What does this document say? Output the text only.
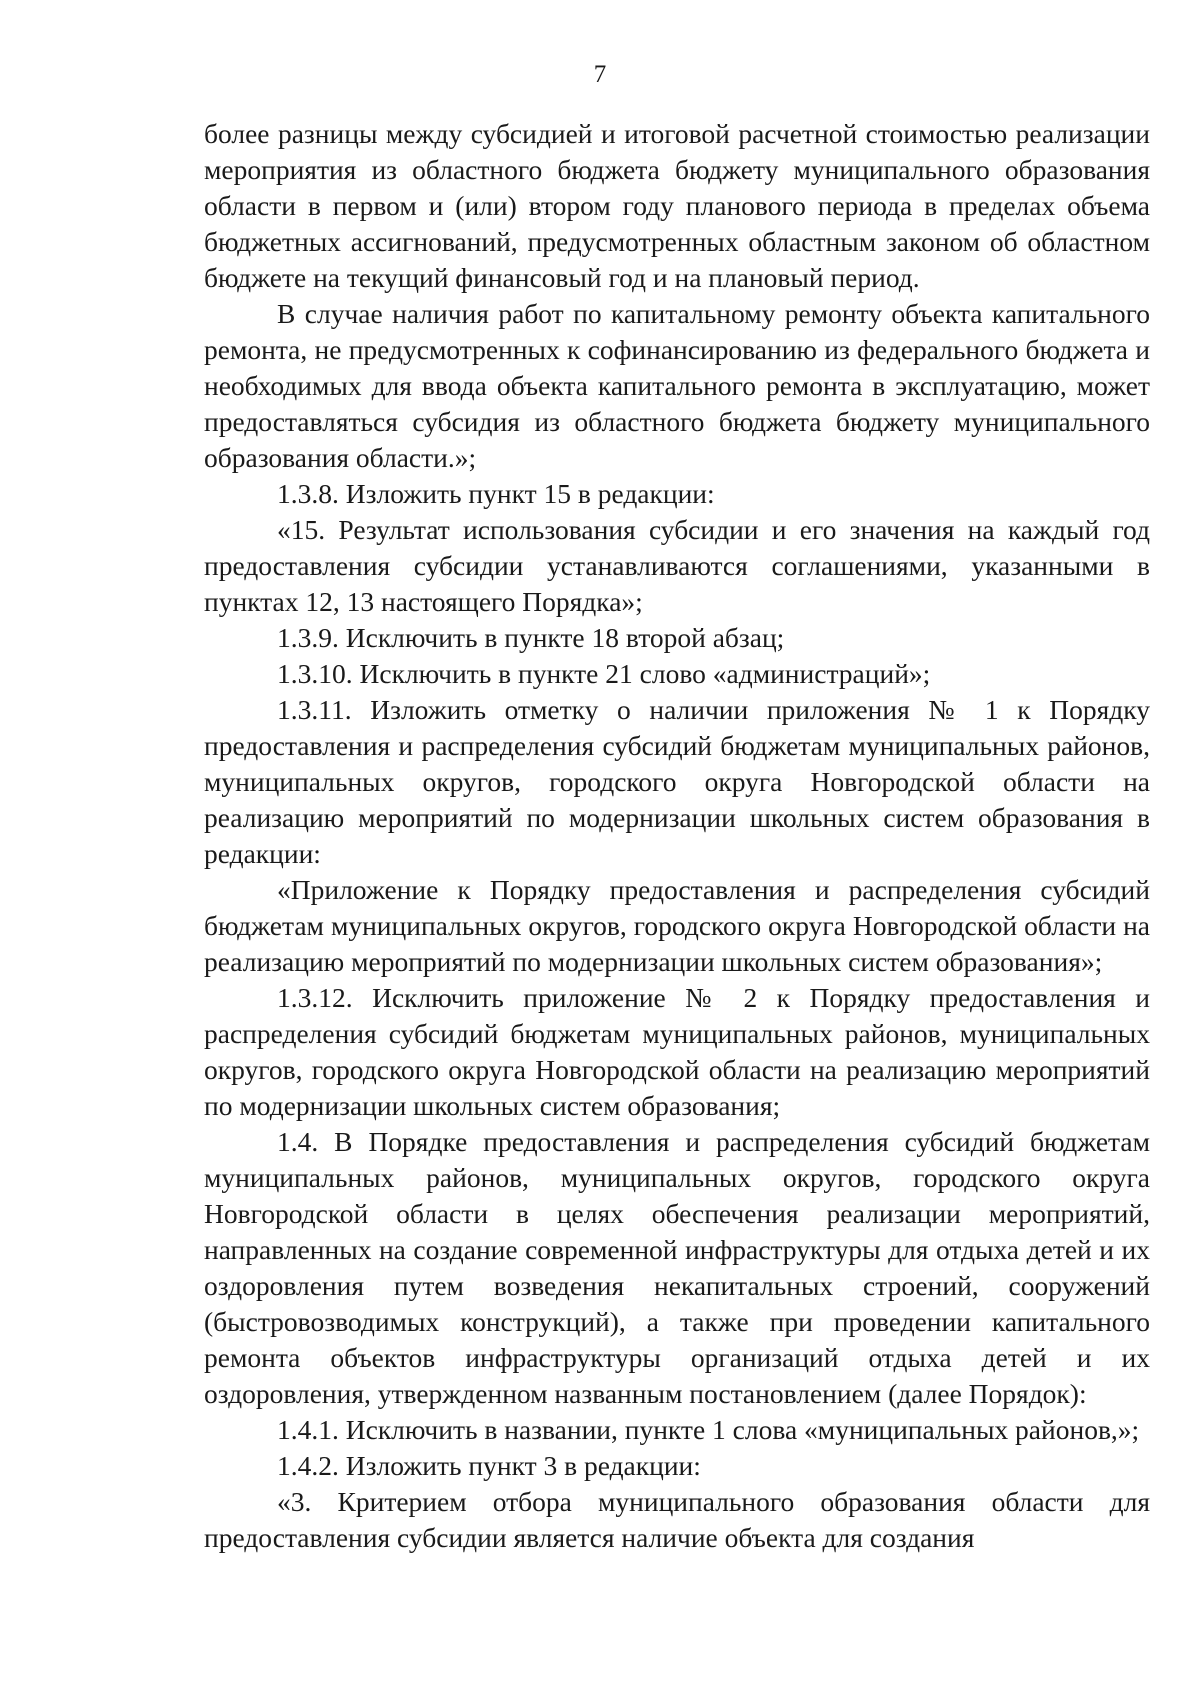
7

более разницы между субсидией и итоговой расчетной стоимостью реализации мероприятия из областного бюджета бюджету муниципального образования области в первом и (или) втором году планового периода в пределах объема бюджетных ассигнований, предусмотренных областным законом об областном бюджете на текущий финансовый год и на плановый период.

В случае наличия работ по капитальному ремонту объекта капитального ремонта, не предусмотренных к софинансированию из федерального бюджета и необходимых для ввода объекта капитального ремонта в эксплуатацию, может предоставляться субсидия из областного бюджета бюджету муниципального образования области.»;

1.3.8. Изложить пункт 15 в редакции:

«15. Результат использования субсидии и его значения на каждый год предоставления субсидии устанавливаются соглашениями, указанными в пунктах 12, 13 настоящего Порядка»;

1.3.9. Исключить в пункте 18 второй абзац;

1.3.10. Исключить в пункте 21 слово «администраций»;

1.3.11. Изложить отметку о наличии приложения № 1 к Порядку предоставления и распределения субсидий бюджетам муниципальных районов, муниципальных округов, городского округа Новгородской области на реализацию мероприятий по модернизации школьных систем образования в редакции:

«Приложение к Порядку предоставления и распределения субсидий бюджетам муниципальных округов, городского округа Новгородской области на реализацию мероприятий по модернизации школьных систем образования»;

1.3.12. Исключить приложение № 2 к Порядку предоставления и распределения субсидий бюджетам муниципальных районов, муниципальных округов, городского округа Новгородской области на реализацию мероприятий по модернизации школьных систем образования;

1.4. В Порядке предоставления и распределения субсидий бюджетам муниципальных районов, муниципальных округов, городского округа Новгородской области в целях обеспечения реализации мероприятий, направленных на создание современной инфраструктуры для отдыха детей и их оздоровления путем возведения некапитальных строений, сооружений (быстровозводимых конструкций), а также при проведении капитального ремонта объектов инфраструктуры организаций отдыха детей и их оздоровления, утвержденном названным постановлением (далее Порядок):

1.4.1. Исключить в названии, пункте 1 слова «муниципальных районов,»;

1.4.2. Изложить пункт 3 в редакции:

«3. Критерием отбора муниципального образования области для предоставления субсидии является наличие объекта для создания
